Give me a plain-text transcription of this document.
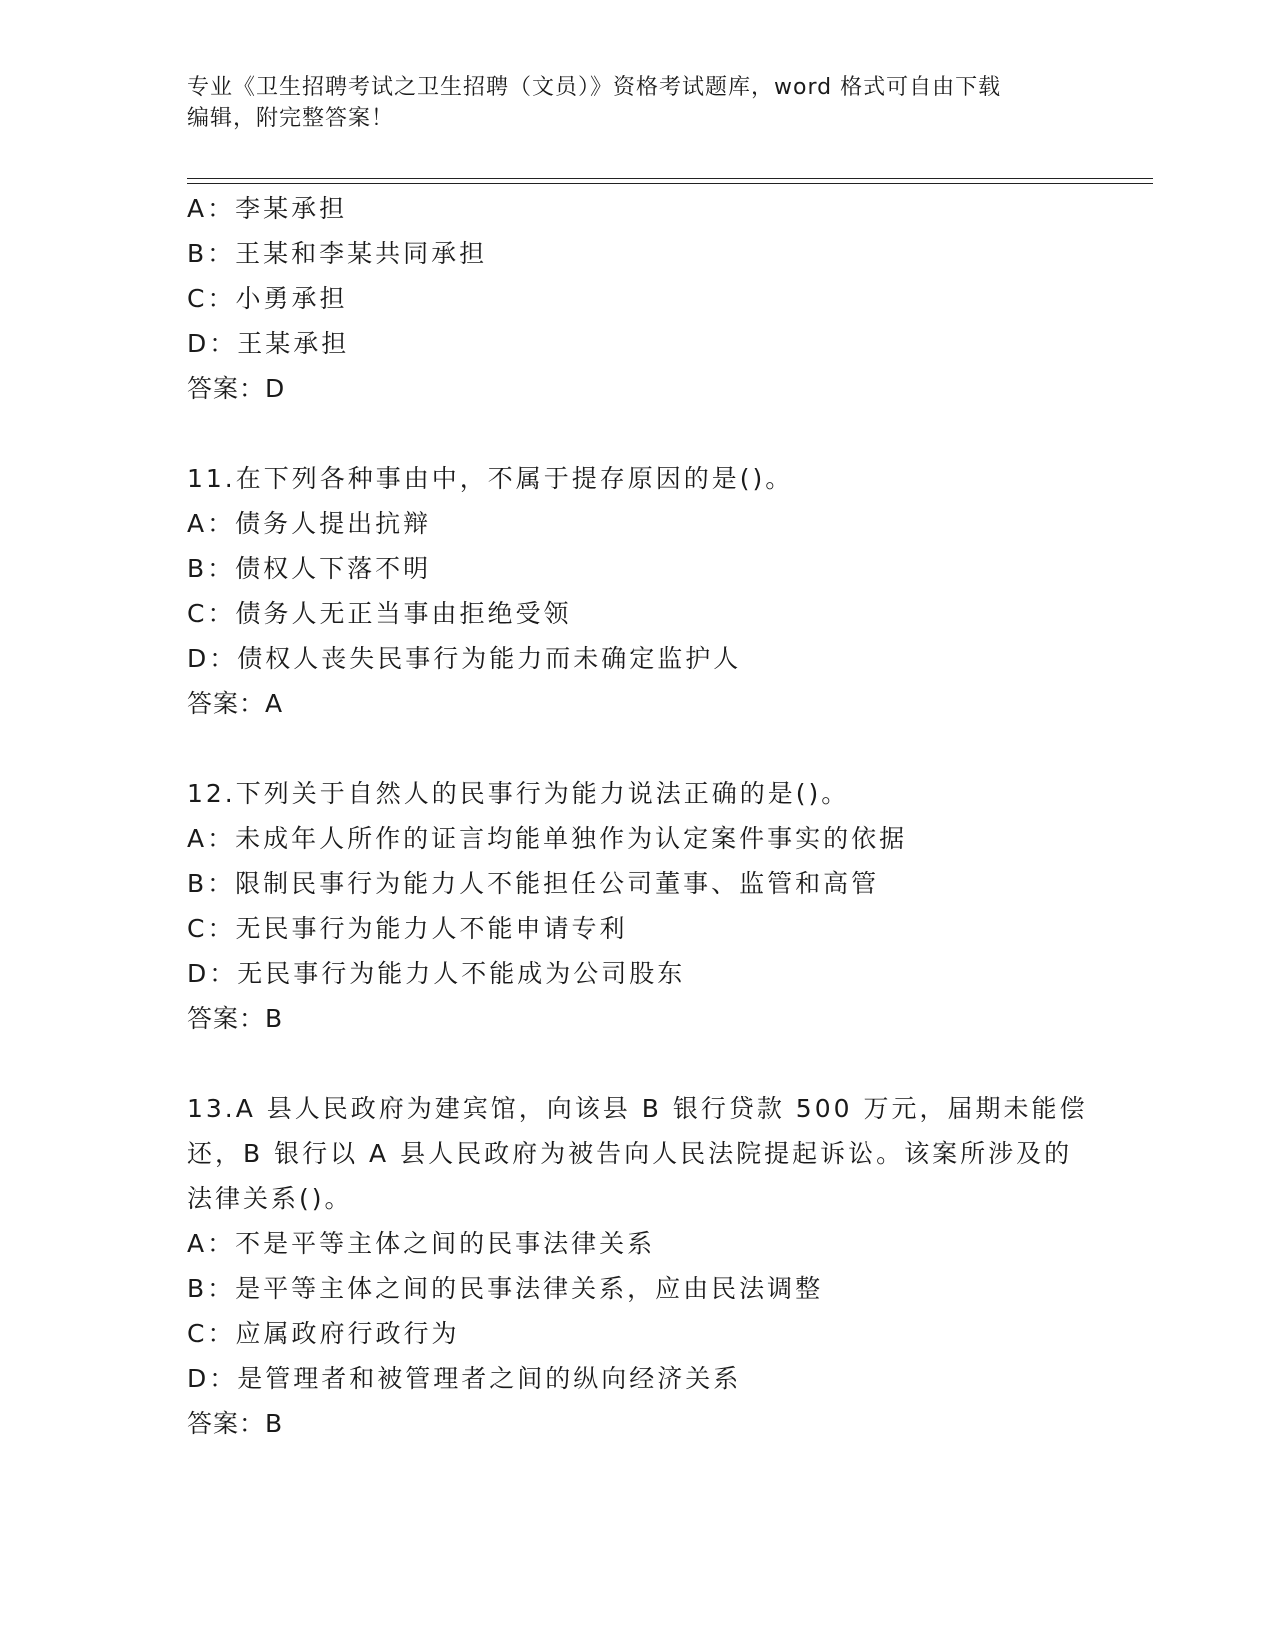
专业《卫生招聘考试之卫生招聘（文员）》资格考试题库，word 格式可自由下载
编辑，附完整答案！
A：李某承担
B：王某和李某共同承担
C：小勇承担
D：王某承担
答案：D
11.在下列各种事由中，不属于提存原因的是()。
A：债务人提出抗辩
B：债权人下落不明
C：债务人无正当事由拒绝受领
D：债权人丧失民事行为能力而未确定监护人
答案：A
12.下列关于自然人的民事行为能力说法正确的是()。
A：未成年人所作的证言均能单独作为认定案件事实的依据
B：限制民事行为能力人不能担任公司董事、监管和高管
C：无民事行为能力人不能申请专利
D：无民事行为能力人不能成为公司股东
答案：B
13.A 县人民政府为建宾馆，向该县 B 银行贷款 500 万元，届期未能偿
还，B 银行以 A 县人民政府为被告向人民法院提起诉讼。该案所涉及的
法律关系()。
A：不是平等主体之间的民事法律关系
B：是平等主体之间的民事法律关系，应由民法调整
C：应属政府行政行为
D：是管理者和被管理者之间的纵向经济关系
答案：B
